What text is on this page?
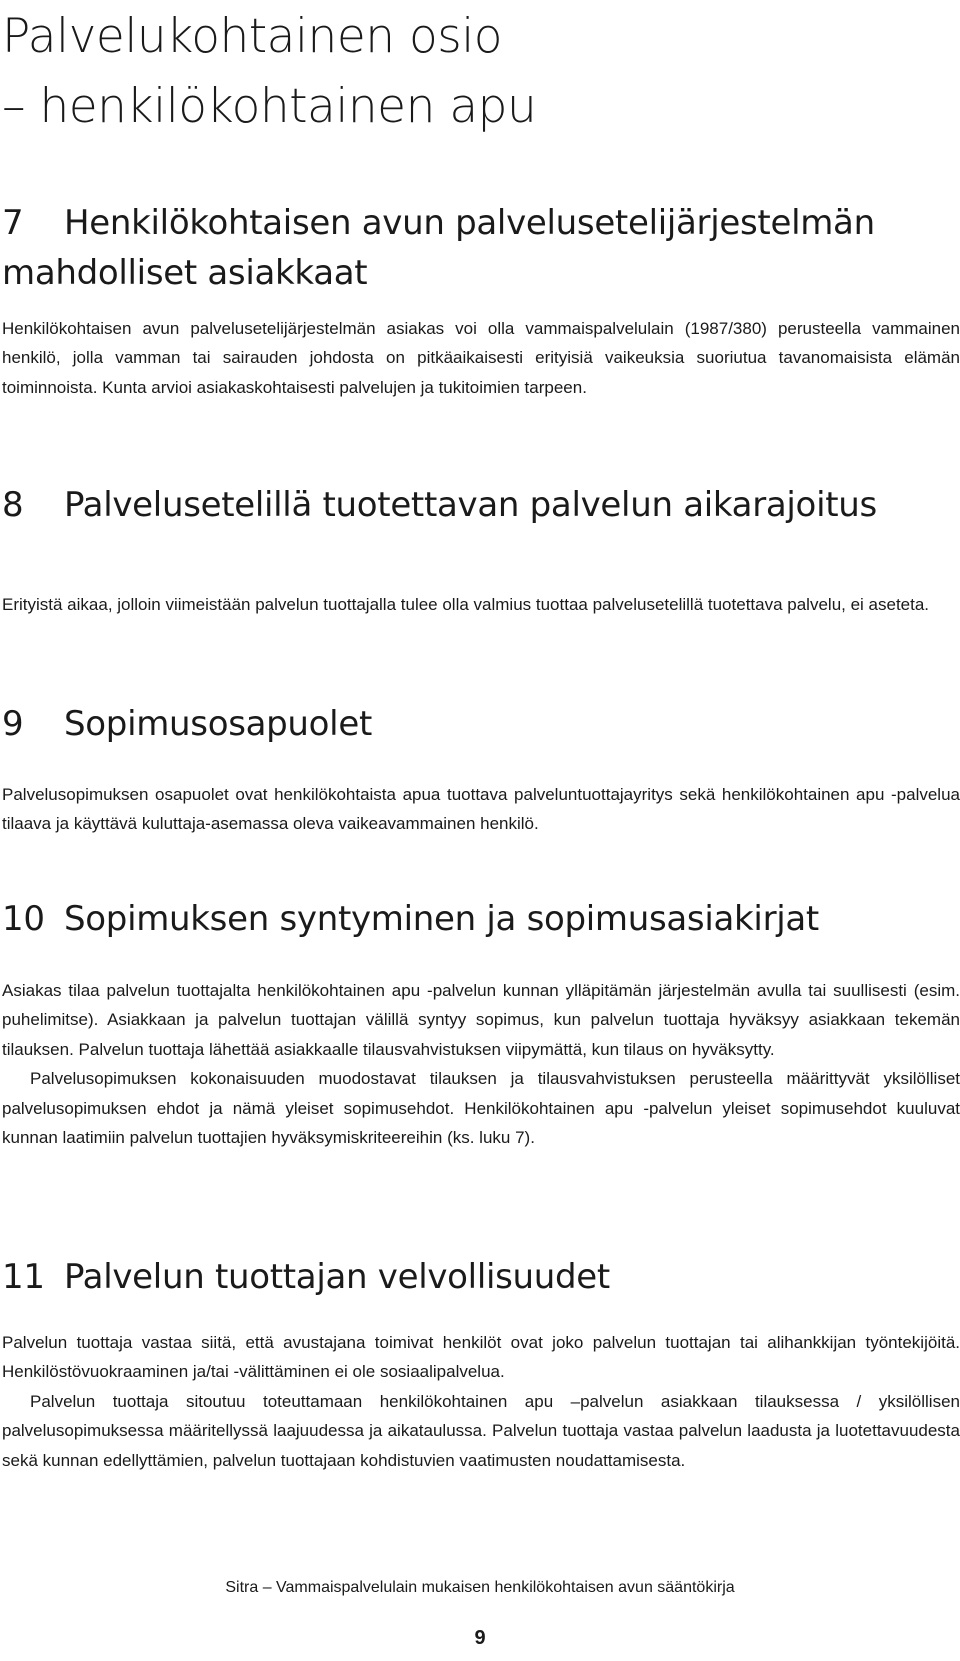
Palvelukohtainen osio
– henkilökohtainen apu
7 Henkilökohtaisen avun palvelusetelijärjestelmän
mahdolliset asiakkaat

Henkilökohtaisen avun palvelusetelijärjestelmän asiakas voi olla vammaispalvelulain (1987/380) perusteella vammainen henkilö, jolla vamman tai sairauden johdosta on pitkäaikaisesti erityisiä vaikeuksia suoriutua tavanomaisista elämän toiminnoista. Kunta arvioi asiakaskohtaisesti palvelujen ja tukitoimien tarpeen.

8 Palvelusetelillä tuotettavan palvelun aikarajoitus

Erityistä aikaa, jolloin viimeistään palvelun tuottajalla tulee olla valmius tuottaa palvelusetelillä tuotettava palvelu, ei aseteta.

9 Sopimusosapuolet

Palvelusopimuksen osapuolet ovat henkilökohtaista apua tuottava palveluntuottajayritys sekä henkilökohtainen apu -palvelua tilaava ja käyttävä kuluttaja-asemassa oleva vaikeavammainen henkilö.

10 Sopimuksen syntyminen ja sopimusasiakirjat

Asiakas tilaa palvelun tuottajalta henkilökohtainen apu -palvelun kunnan ylläpitämän järjestelmän avulla tai suullisesti (esim. puhelimitse). Asiakkaan ja palvelun tuottajan välillä syntyy sopimus, kun palvelun tuottaja hyväksyy asiakkaan tekemän tilauksen. Palvelun tuottaja lähettää asiakkaalle tilausvahvistuksen viipymättä, kun tilaus on hyväksytty.

Palvelusopimuksen kokonaisuuden muodostavat tilauksen ja tilausvahvistuksen perusteella määrittyvät yksilölliset palvelusopimuksen ehdot ja nämä yleiset sopimusehdot. Henkilökohtainen apu -palvelun yleiset sopimusehdot kuuluvat kunnan laatimiin palvelun tuottajien hyväksymiskriteereihin (ks. luku 7).

11 Palvelun tuottajan velvollisuudet

Palvelun tuottaja vastaa siitä, että avustajana toimivat henkilöt ovat joko palvelun tuottajan tai alihankkijan työntekijöitä. Henkilöstövuokraaminen ja/tai -välittäminen ei ole sosiaalipalvelua.

Palvelun tuottaja sitoutuu toteuttamaan henkilökohtainen apu –palvelun asiakkaan tilauksessa / yksilöllisen palvelusopimuksessa määritellyssä laajuudessa ja aikataulussa. Palvelun tuottaja vastaa palvelun laadusta ja luotettavuudesta sekä kunnan edellyttämien, palvelun tuottajaan kohdistuvien vaatimusten noudattamisesta.

Sitra – Vammaispalvelulain mukaisen henkilökohtaisen avun sääntökirja
9
